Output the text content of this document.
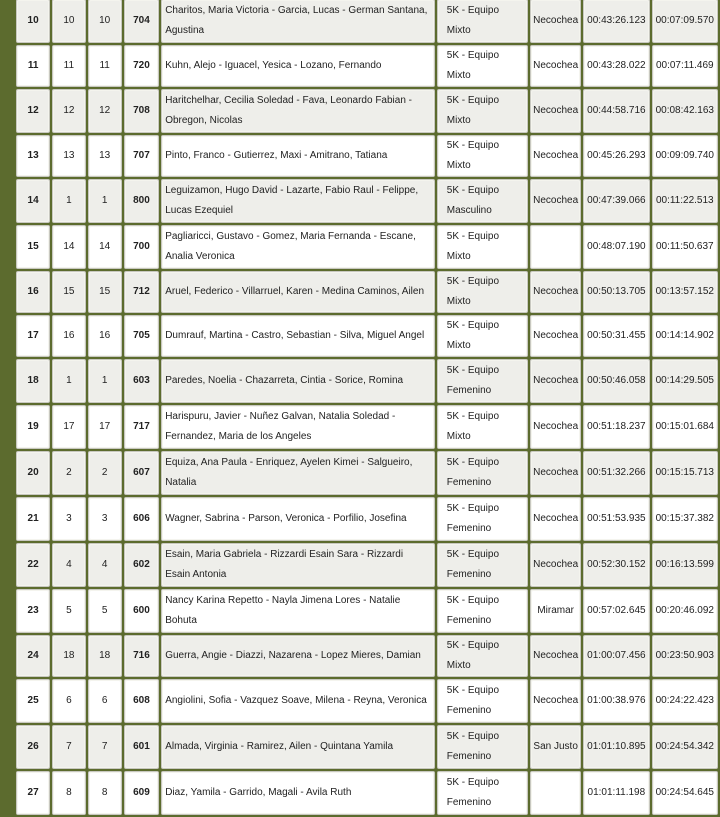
10	10	10	704	Charitos, Maria Victoria - Garcia, Lucas - German Santana, Agustina	5K - Equipo Mixto	Necochea	00:43:26.123	00:07:09.570
11	11	11	720	Kuhn, Alejo - Iguacel, Yesica - Lozano, Fernando	5K - Equipo Mixto	Necochea	00:43:28.022	00:07:11.469
12	12	12	708	Haritchelhar, Cecilia Soledad - Fava, Leonardo Fabian - Obregon, Nicolas	5K - Equipo Mixto	Necochea	00:44:58.716	00:08:42.163
13	13	13	707	Pinto, Franco - Gutierrez, Maxi - Amitrano, Tatiana	5K - Equipo Mixto	Necochea	00:45:26.293	00:09:09.740
14	1	1	800	Leguizamon, Hugo David - Lazarte, Fabio Raul - Felippe, Lucas Ezequiel	5K - Equipo Masculino	Necochea	00:47:39.066	00:11:22.513
15	14	14	700	Pagliaricci, Gustavo - Gomez, Maria Fernanda - Escane, Analia Veronica	5K - Equipo Mixto		00:48:07.190	00:11:50.637
16	15	15	712	Aruel, Federico - Villarruel, Karen - Medina Caminos, Ailen	5K - Equipo Mixto	Necochea	00:50:13.705	00:13:57.152
17	16	16	705	Dumrauf, Martina - Castro, Sebastian - Silva, Miguel Angel	5K - Equipo Mixto	Necochea	00:50:31.455	00:14:14.902
18	1	1	603	Paredes, Noelia - Chazarreta, Cintia - Sorice, Romina	5K - Equipo Femenino	Necochea	00:50:46.058	00:14:29.505
19	17	17	717	Harispuru, Javier - Nuñez Galvan, Natalia Soledad - Fernandez, Maria de los Angeles	5K - Equipo Mixto	Necochea	00:51:18.237	00:15:01.684
20	2	2	607	Equiza, Ana Paula - Enriquez, Ayelen Kimei - Salgueiro, Natalia	5K - Equipo Femenino	Necochea	00:51:32.266	00:15:15.713
21	3	3	606	Wagner, Sabrina - Parson, Veronica - Porfilio, Josefina	5K - Equipo Femenino	Necochea	00:51:53.935	00:15:37.382
22	4	4	602	Esain, Maria Gabriela - Rizzardi Esain Sara - Rizzardi Esain Antonia	5K - Equipo Femenino	Necochea	00:52:30.152	00:16:13.599
23	5	5	600	Nancy Karina Repetto - Nayla Jimena Lores - Natalie Bohuta	5K - Equipo Femenino	Miramar	00:57:02.645	00:20:46.092
24	18	18	716	Guerra, Angie - Diazzi, Nazarena - Lopez Mieres, Damian	5K - Equipo Mixto	Necochea	01:00:07.456	00:23:50.903
25	6	6	608	Angiolini, Sofia - Vazquez Soave, Milena - Reyna, Veronica	5K - Equipo Femenino	Necochea	01:00:38.976	00:24:22.423
26	7	7	601	Almada, Virginia - Ramirez, Ailen - Quintana Yamila	5K - Equipo Femenino	San Justo	01:01:10.895	00:24:54.342
27	8	8	609	Diaz, Yamila - Garrido, Magali - Avila Ruth	5K - Equipo Femenino		01:01:11.198	00:24:54.645
